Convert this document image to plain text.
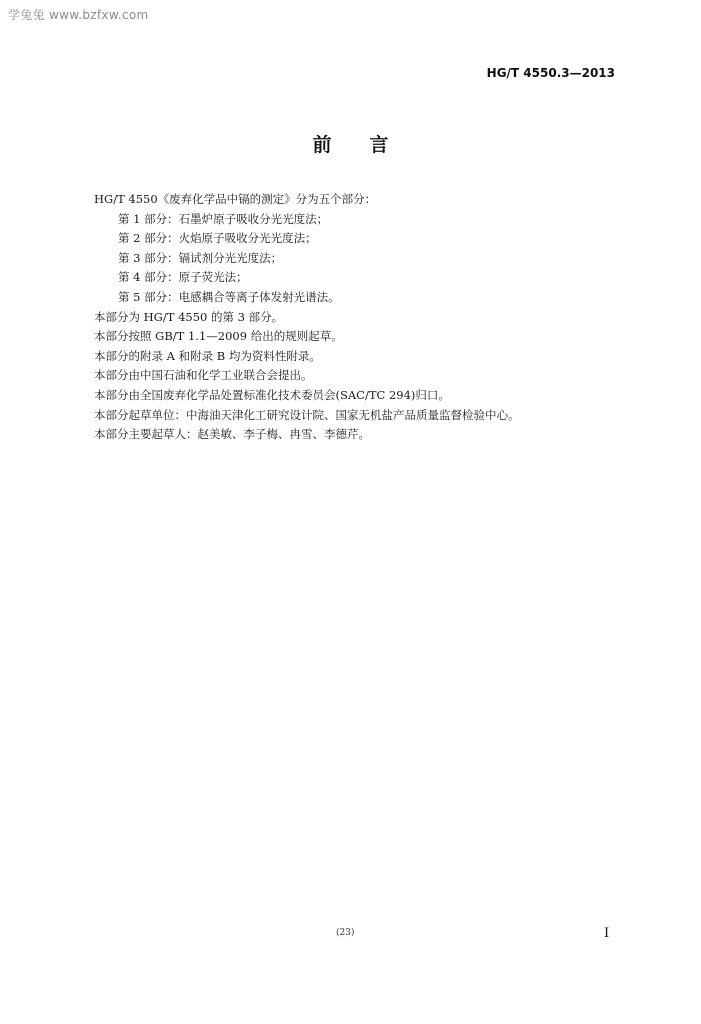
学兔兔 www.bzfxw.com
HG/T 4550.3—2013
前言
HG/T 4550《废弃化学品中镉的测定》分为五个部分：
第 1 部分：石墨炉原子吸收分光光度法；
第 2 部分：火焰原子吸收分光光度法；
第 3 部分：镉试剂分光光度法；
第 4 部分：原子荧光法；
第 5 部分：电感耦合等离子体发射光谱法。
本部分为 HG/T 4550 的第 3 部分。
本部分按照 GB/T 1.1—2009 给出的规则起草。
本部分的附录 A 和附录 B 均为资料性附录。
本部分由中国石油和化学工业联合会提出。
本部分由全国废弃化学品处置标准化技术委员会(SAC/TC 294)归口。
本部分起草单位：中海油天津化工研究设计院、国家无机盐产品质量监督检验中心。
本部分主要起草人：赵美敏、李子梅、冉雪、李德芹。
(23)	I
